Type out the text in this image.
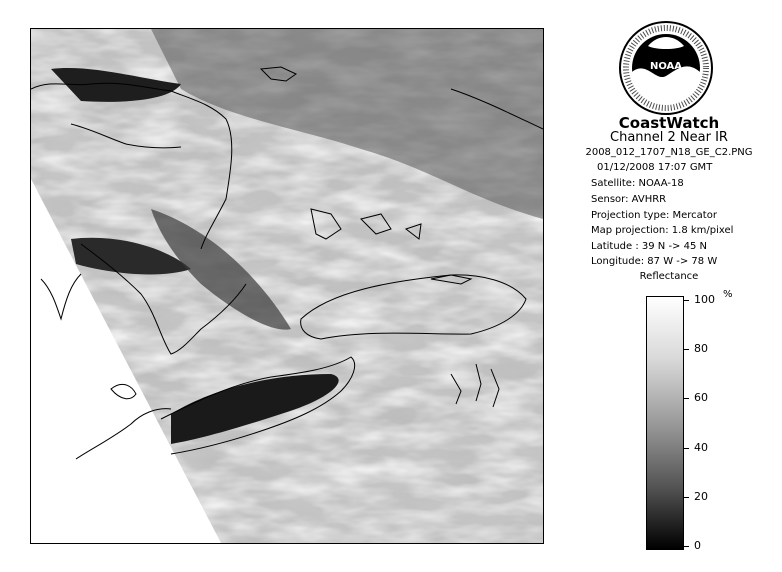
NOAA
CoastWatch
Channel 2 Near IR
2008_012_1707_N18_GE_C2.PNG
01/12/2008 17:07 GMT
Satellite: NOAA-18
Sensor: AVHRR
Projection type: Mercator
Map projection: 1.8 km/pixel
Latitude : 39 N -> 45 N
Longitude: 87 W -> 78 W
Reflectance
%
100
80
60
40
20
0
